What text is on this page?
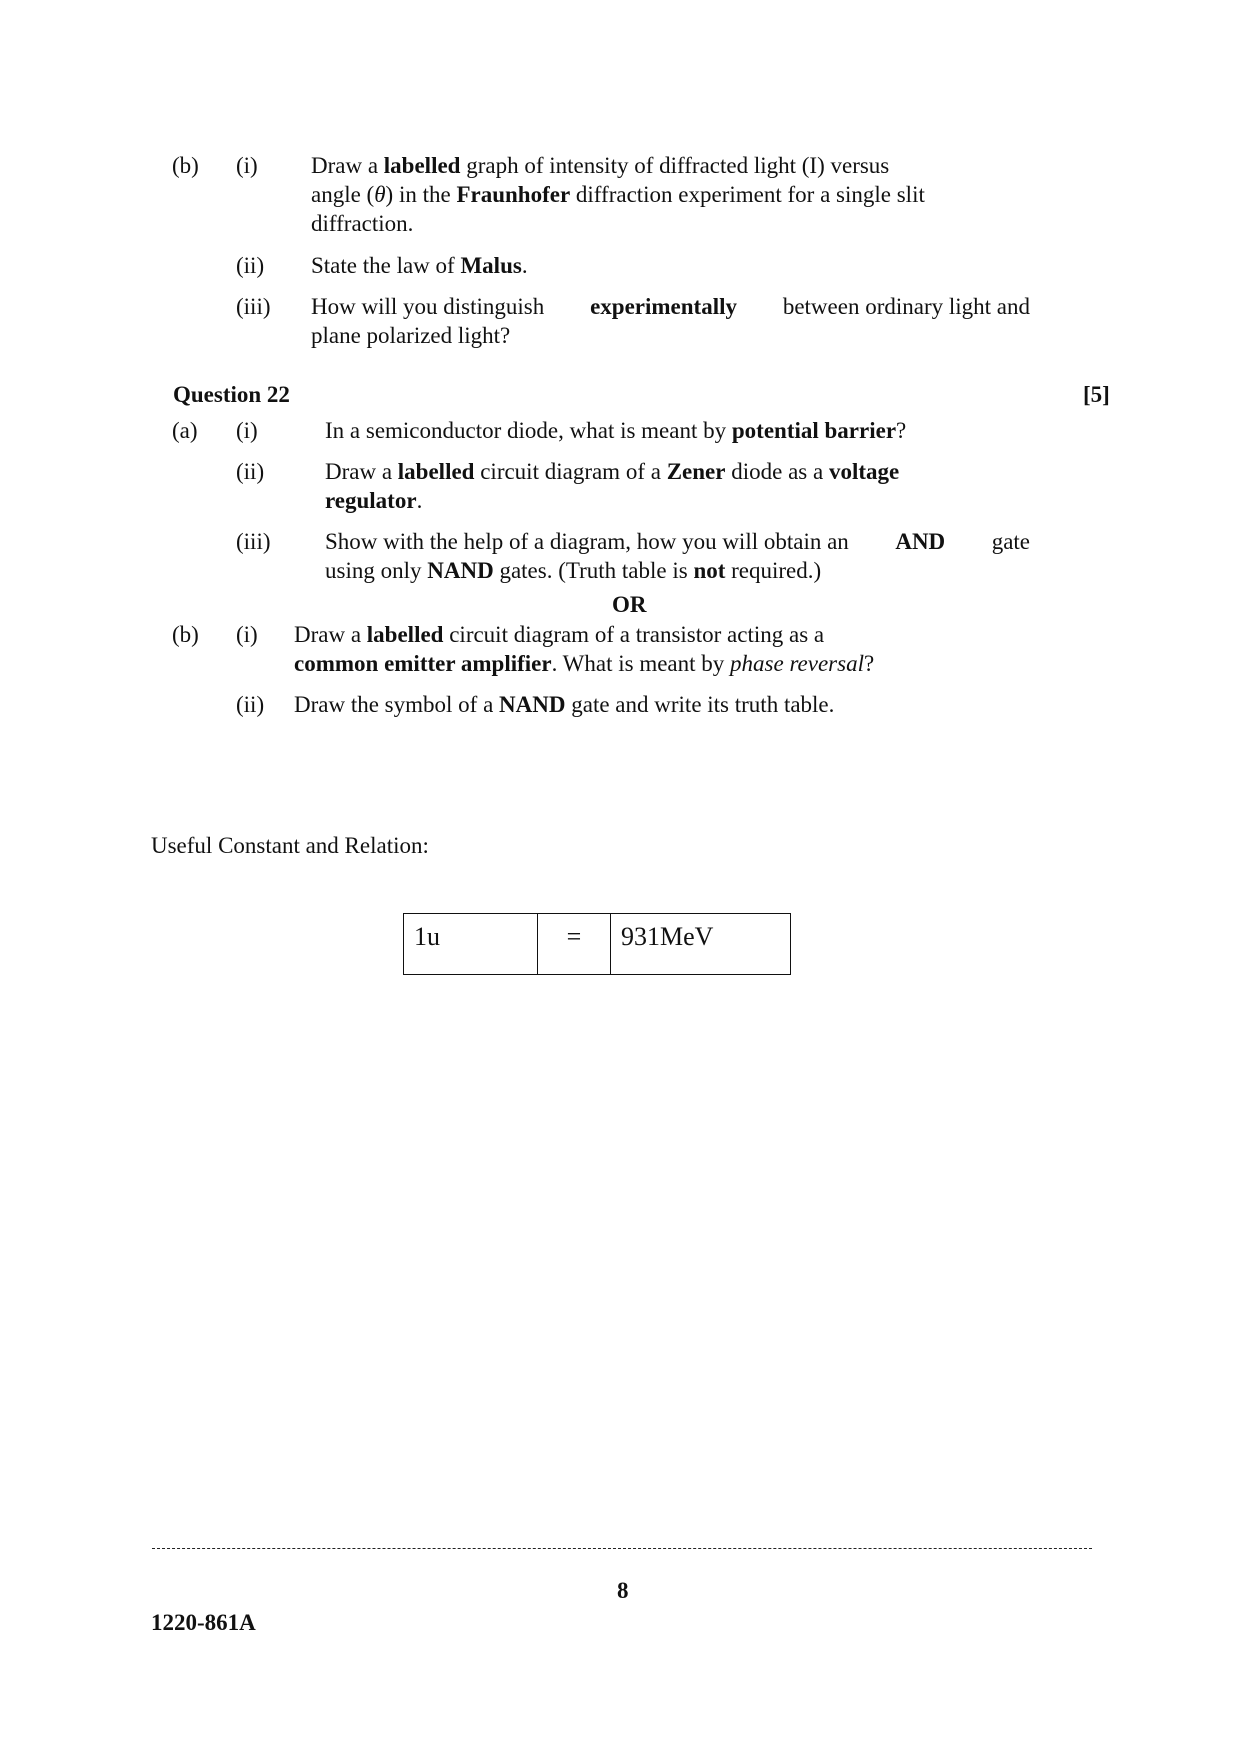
(b) (i) Draw a labelled graph of intensity of diffracted light (I) versus
angle (θ) in the Fraunhofer diffraction experiment for a single slit
diffraction.
(ii) State the law of Malus.
(iii) How will you distinguish experimentally between ordinary light and
plane polarized light?
Question 22	[5]
(a) (i)	In a semiconductor diode, what is meant by potential barrier?
(ii)	Draw a labelled circuit diagram of a Zener diode as a voltage
regulator.
(iii) Show with the help of a diagram, how you will obtain an AND gate
using only NAND gates. (Truth table is not required.)
OR
(b) (i) Draw a labelled circuit diagram of a transistor acting as a
common emitter amplifier. What is meant by phase reversal?
(ii) Draw the symbol of a NAND gate and write its truth table.
Useful Constant and Relation:
1u	=	931MeV
8
1220-861A
